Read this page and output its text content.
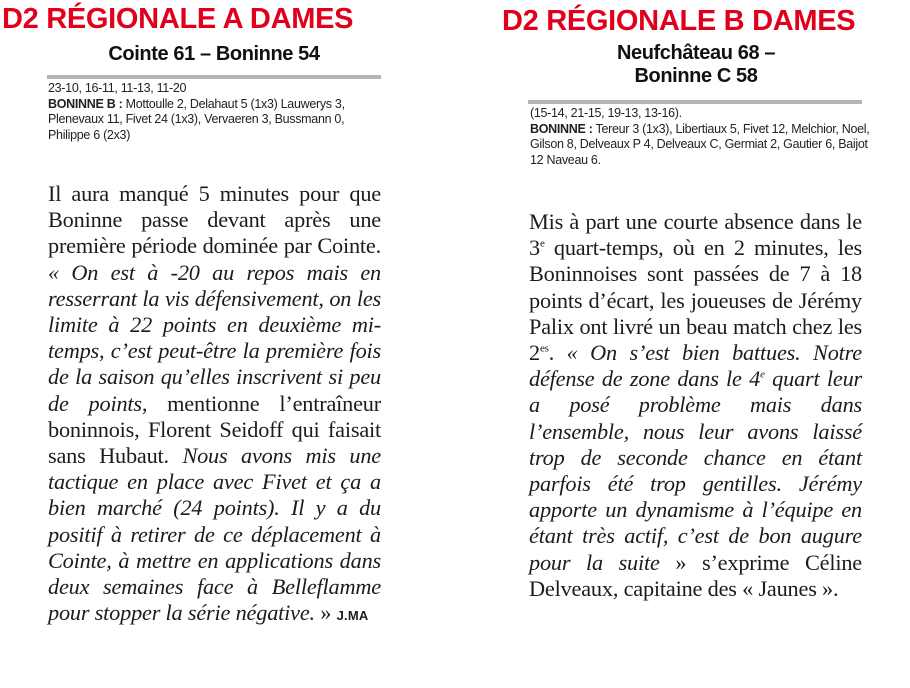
D2 RÉGIONALE A DAMES
Cointe 61 – Boninne 54
23-10, 16-11, 11-13, 11-20
BONINNE B : Mottoulle 2, Delahaut 5 (1x3) Lauwerys 3, Plenevaux 11, Fivet 24 (1x3), Vervaeren 3, Bussmann 0, Philippe 6 (2x3)
Il aura manqué 5 minutes pour que Boninne passe devant après une première période dominée par Cointe. « On est à -20 au repos mais en resserrant la vis défensivement, on les limite à 22 points en deuxième mi-temps, c’est peut-être la première fois de la saison qu’elles inscrivent si peu de points, mentionne l’entraîneur boninnois, Florent Seidoff qui faisait sans Hubaut. Nous avons mis une tactique en place avec Fivet et ça a bien marché (24 points). Il y a du positif à retirer de ce déplacement à Cointe, à mettre en applications dans deux semaines face à Belleflamme pour stopper la série négative. » J.MA
D2 RÉGIONALE B DAMES
Neufchâteau 68 –
Boninne C 58
(15-14, 21-15, 19-13, 13-16).
BONINNE : Tereur 3 (1x3), Libertiaux 5, Fivet 12, Melchior, Noel, Gilson 8, Delveaux P 4, Delveaux C, Germiat 2, Gautier 6, Baijot 12 Naveau 6.
Mis à part une courte absence dans le 3e quart-temps, où en 2 minutes, les Boninnoises sont passées de 7 à 18 points d’écart, les joueuses de Jérémy Palix ont livré un beau match chez les $2^{es}$. « On s’est bien battues. Notre défense de zone dans le 4e quart leur a posé problème mais dans l’ensemble, nous leur avons laissé trop de seconde chance en étant parfois été trop gentilles. Jérémy apporte un dynamisme à l’équipe en étant très actif, c’est de bon augure pour la suite » s’exprime Céline Delveaux, capitaine des « Jaunes ».
